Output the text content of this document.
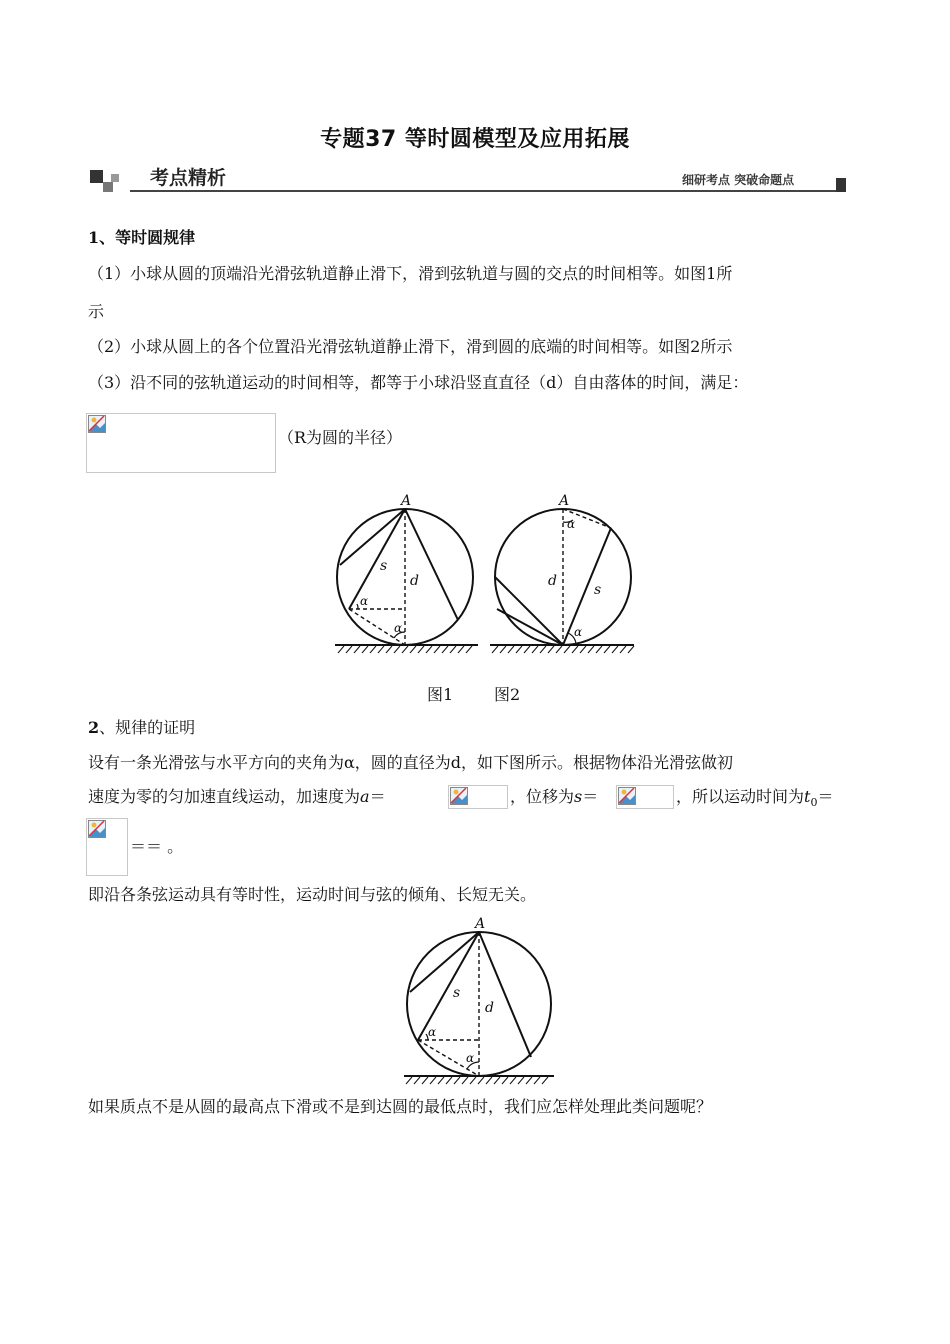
专题37 等时圆模型及应用拓展
考点精析	细研考点 突破命题点
1、等时圆规律
（1）小球从圆的顶端沿光滑弦轨道静止滑下，滑到弦轨道与圆的交点的时间相等。如图1所
示
（2）小球从圆上的各个位置沿光滑弦轨道静止滑下，滑到圆的底端的时间相等。如图2所示
（3）沿不同的弦轨道运动的时间相等，都等于小球沿竖直直径（d）自由落体的时间，满足：
（R为圆的半径）
A
s
d
α
α
A
d
s
α
α
图1	图2
2、规律的证明
设有一条光滑弦与水平方向的夹角为α，圆的直径为d，如下图所示。根据物体沿光滑弦做初
速度为零的匀加速直线运动，加速度为a＝	，位移为s＝	，所以运动时间为$t_0=$
＝＝ 。
即沿各条弦运动具有等时性，运动时间与弦的倾角、长短无关。
A
s
d
α
α
如果质点不是从圆的最高点下滑或不是到达圆的最低点时，我们应怎样处理此类问题呢？
